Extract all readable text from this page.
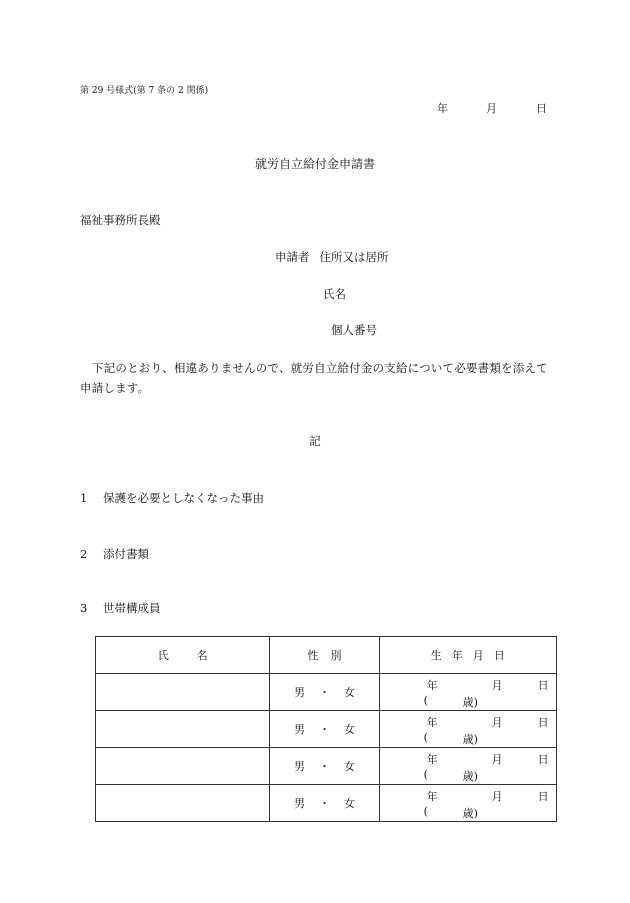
第 29 号様式(第 7 条の 2 関係)
年	月	日
就労自立給付金申請書
福祉事務所長殿
申請者 住所又は居所
氏名
個人番号
下記のとおり、相違ありませんので、就労自立給付金の支給について必要書類を添えて申請します。
記
1 保護を必要としなくなった事由
2 添付書類
3 世帯構成員
氏名	性別	生年月日
	男 ・ 女	年 月 日
( 歳)

	男 ・ 女	年 月 日
( 歳)

	男 ・ 女	年 月 日
( 歳)

	男 ・ 女	年 月 日
( 歳)
